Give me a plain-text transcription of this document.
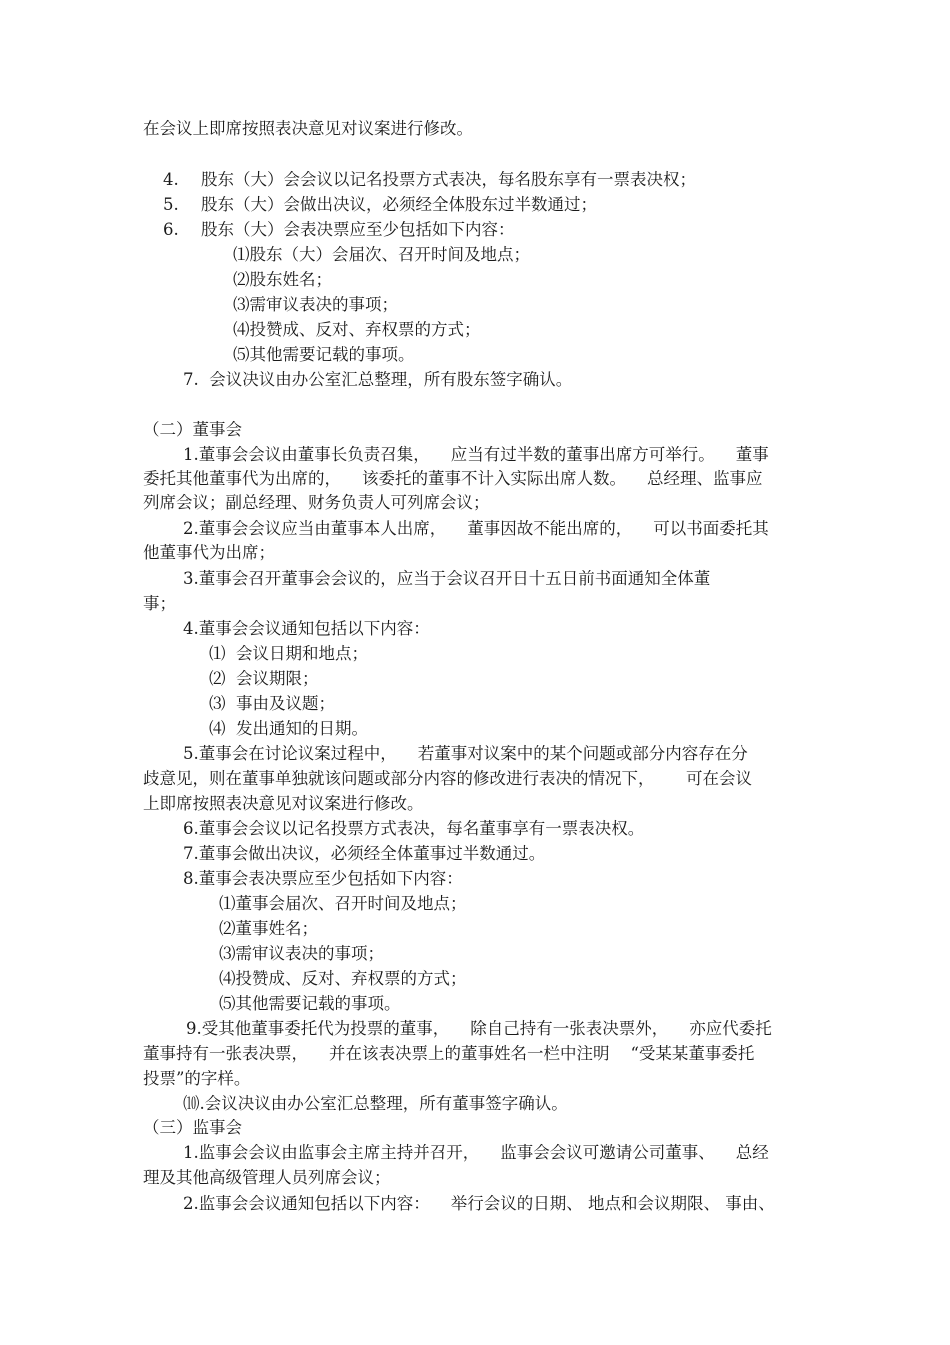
在会议上即席按照表决意见对议案进行修改。
4. 股东（大）会会议以记名投票方式表决，每名股东享有一票表决权；
5. 股东（大）会做出决议，必须经全体股东过半数通过；
6. 股东（大）会表决票应至少包括如下内容：
⑴股东（大）会届次、召开时间及地点；
⑵股东姓名；
⑶需审议表决的事项；
⑷投赞成、反对、弃权票的方式；
⑸其他需要记载的事项。
7.  会议决议由办公室汇总整理，所有股东签字确认。
（二）董事会
1.董事会会议由董事长负责召集，    应当有过半数的董事出席方可举行。    董事
委托其他董事代为出席的，    该委托的董事不计入实际出席人数。    总经理、监事应
列席会议；副总经理、财务负责人可列席会议；
2.董事会会议应当由董事本人出席，    董事因故不能出席的，    可以书面委托其
他董事代为出席；
3.董事会召开董事会会议的，应当于会议召开日十五日前书面通知全体董
事；
4.董事会会议通知包括以下内容：
⑴  会议日期和地点；
⑵  会议期限；
⑶  事由及议题；
⑷  发出通知的日期。
5.董事会在讨论议案过程中，    若董事对议案中的某个问题或部分内容存在分
歧意见，则在董事单独就该问题或部分内容的修改进行表决的情况下，      可在会议
上即席按照表决意见对议案进行修改。
6.董事会会议以记名投票方式表决，每名董事享有一票表决权。
7.董事会做出决议，必须经全体董事过半数通过。
8.董事会表决票应至少包括如下内容：
⑴董事会届次、召开时间及地点；
⑵董事姓名；
⑶需审议表决的事项；
⑷投赞成、反对、弃权票的方式；
⑸其他需要记载的事项。
9.受其他董事委托代为投票的董事，    除自己持有一张表决票外，    亦应代委托
董事持有一张表决票，    并在该表决票上的董事姓名一栏中注明    “受某某董事委托
投票”的字样。
⑽.会议决议由办公室汇总整理，所有董事签字确认。
（三）监事会
1.监事会会议由监事会主席主持并召开，    监事会会议可邀请公司董事、    总经
理及其他高级管理人员列席会议；
2.监事会会议通知包括以下内容：    举行会议的日期、 地点和会议期限、 事由、
